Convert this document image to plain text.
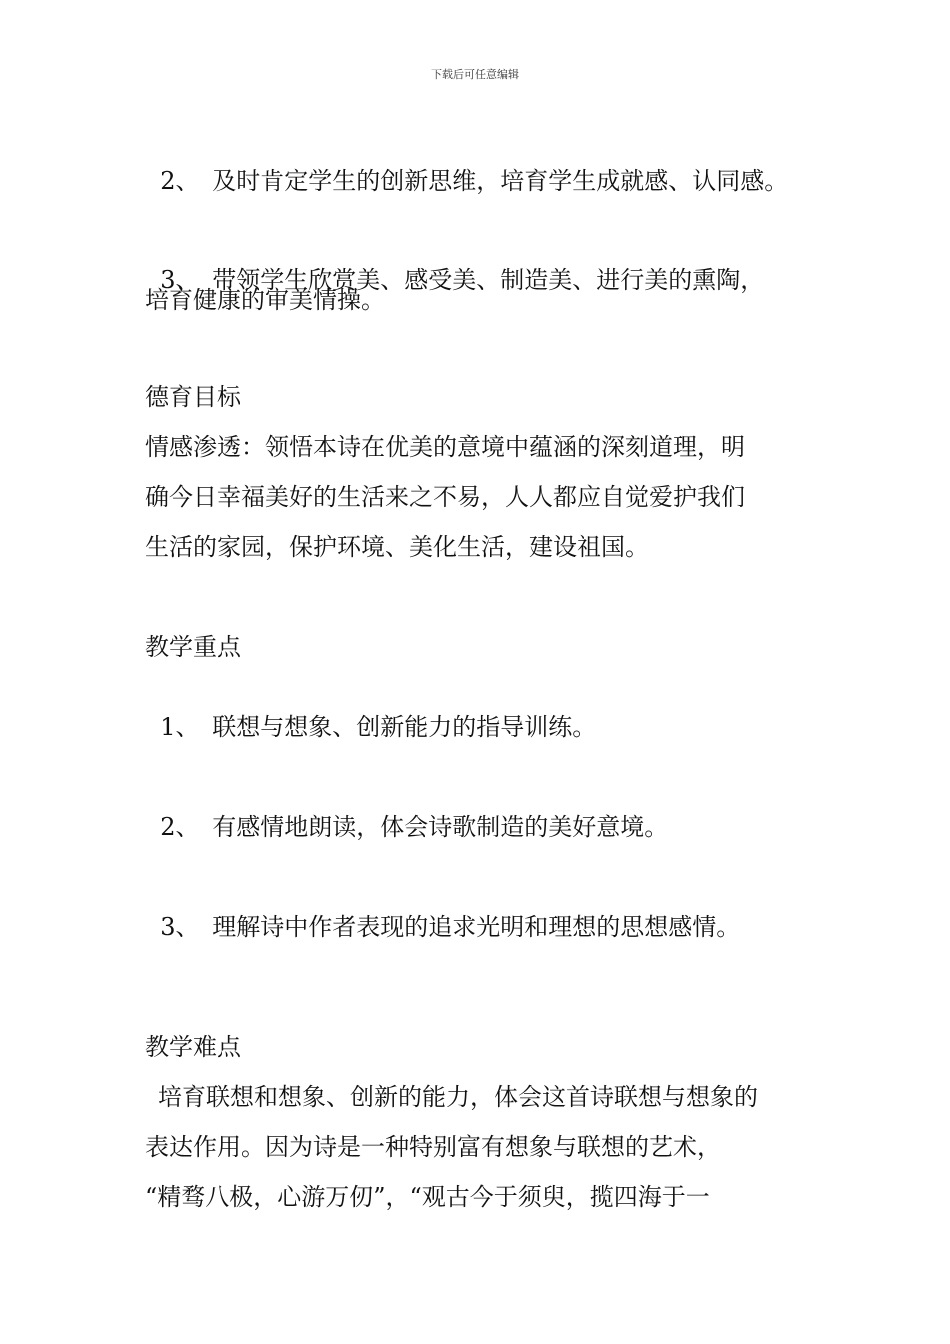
下载后可任意编辑

2、 及时肯定学生的创新思维，培育学生成就感、认同感。

3、 带领学生欣赏美、感受美、制造美、进行美的熏陶，

培育健康的审美情操。
德育目标
情感渗透：领悟本诗在优美的意境中蕴涵的深刻道理，明
确今日幸福美好的生活来之不易，人人都应自觉爱护我们
生活的家园，保护环境、美化生活，建设祖国。
教学重点

1、 联想与想象、创新能力的指导训练。

2、 有感情地朗读，体会诗歌制造的美好意境。

3、 理解诗中作者表现的追求光明和理想的思想感情。

教学难点
培育联想和想象、创新的能力，体会这首诗联想与想象的
表达作用。因为诗是一种特别富有想象与联想的艺术，
“精骛八极，心游万仞”，“观古今于须臾，揽四海于一
